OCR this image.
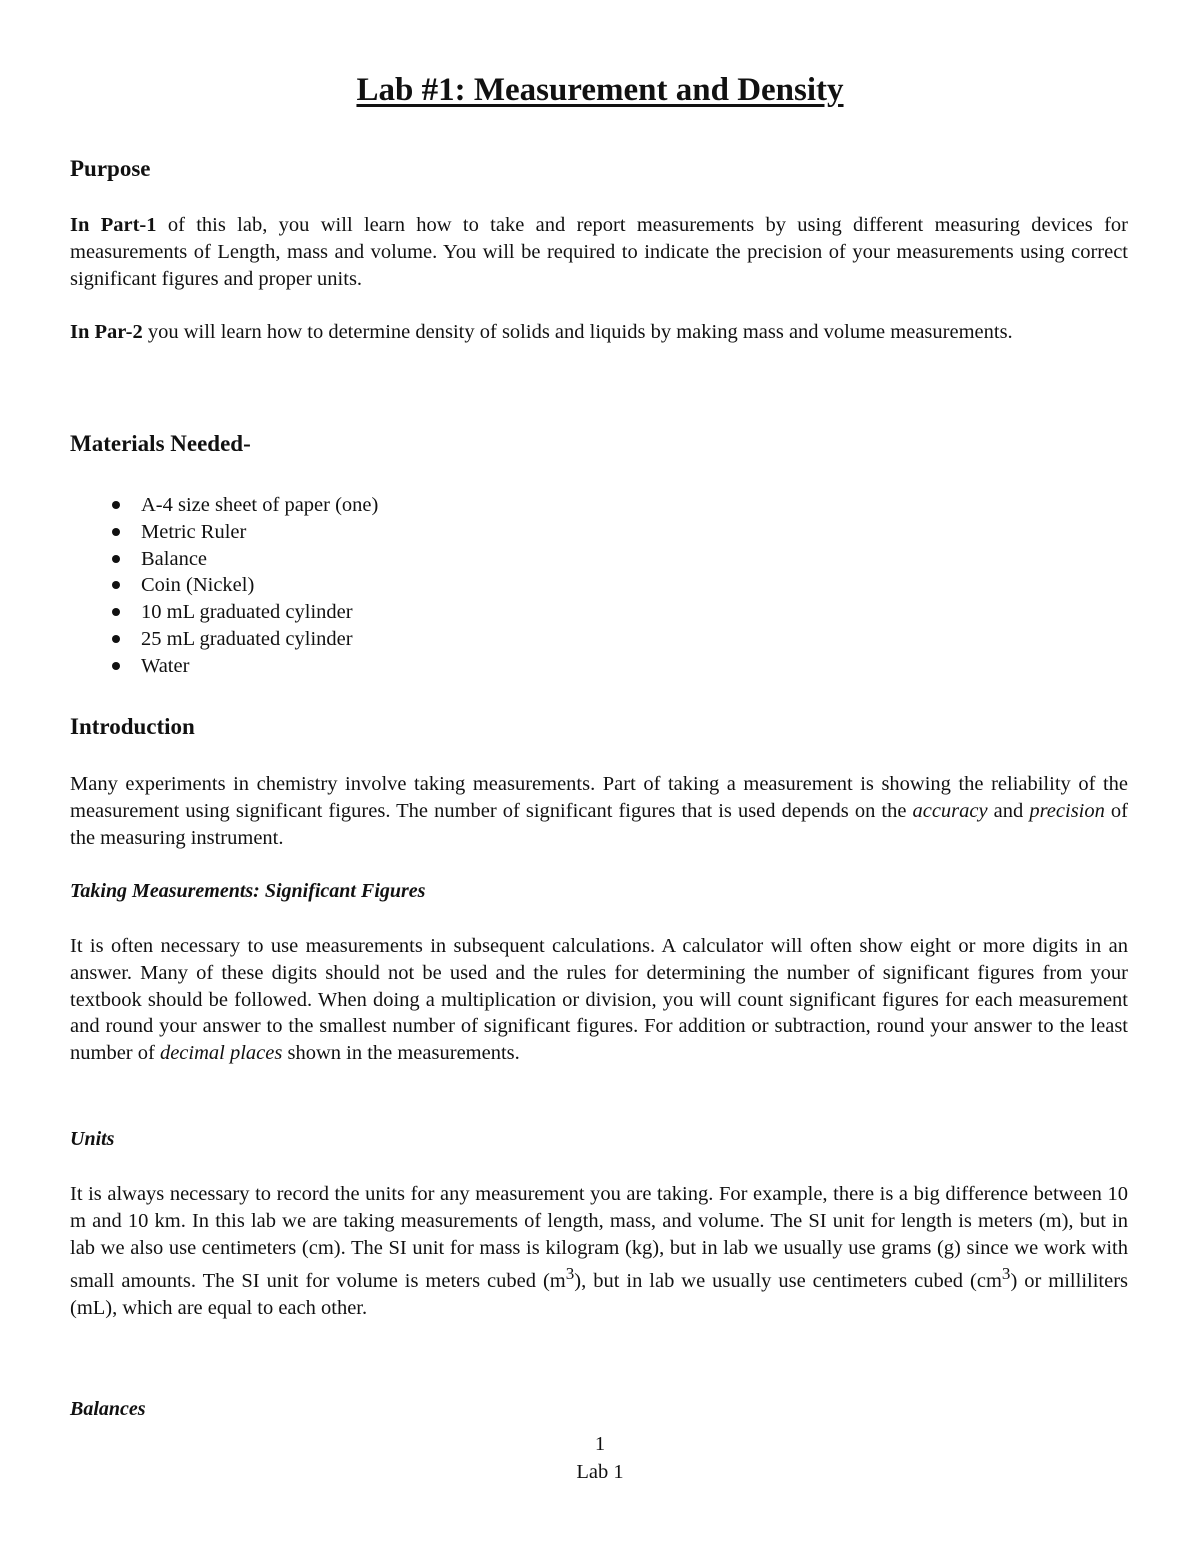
Lab #1: Measurement and Density
Purpose

In Part-1 of this lab, you will learn how to take and report measurements by using different measuring devices for measurements of Length, mass and volume. You will be required to indicate the precision of your measurements using correct significant figures and proper units.

In Par-2 you will learn how to determine density of solids and liquids by making mass and volume measurements.

Materials Needed-
A-4 size sheet of paper (one)
Metric Ruler
Balance
Coin (Nickel)
10 mL graduated cylinder
25 mL graduated cylinder
Water
Introduction

Many experiments in chemistry involve taking measurements. Part of taking a measurement is showing the reliability of the measurement using significant figures. The number of significant figures that is used depends on the accuracy and precision of the measuring instrument.

Taking Measurements: Significant Figures

It is often necessary to use measurements in subsequent calculations. A calculator will often show eight or more digits in an answer. Many of these digits should not be used and the rules for determining the number of significant figures from your textbook should be followed. When doing a multiplication or division, you will count significant figures for each measurement and round your answer to the smallest number of significant figures. For addition or subtraction, round your answer to the least number of decimal places shown in the measurements.

Units

It is always necessary to record the units for any measurement you are taking. For example, there is a big difference between 10 m and 10 km. In this lab we are taking measurements of length, mass, and volume. The SI unit for length is meters (m), but in lab we also use centimeters (cm). The SI unit for mass is kilogram (kg), but in lab we usually use grams (g) since we work with small amounts. The SI unit for volume is meters cubed $(m^3)$, but in lab we usually use centimeters cubed $(cm^3)$ or milliliters (mL), which are equal to each other.

Balances
1
Lab 1
